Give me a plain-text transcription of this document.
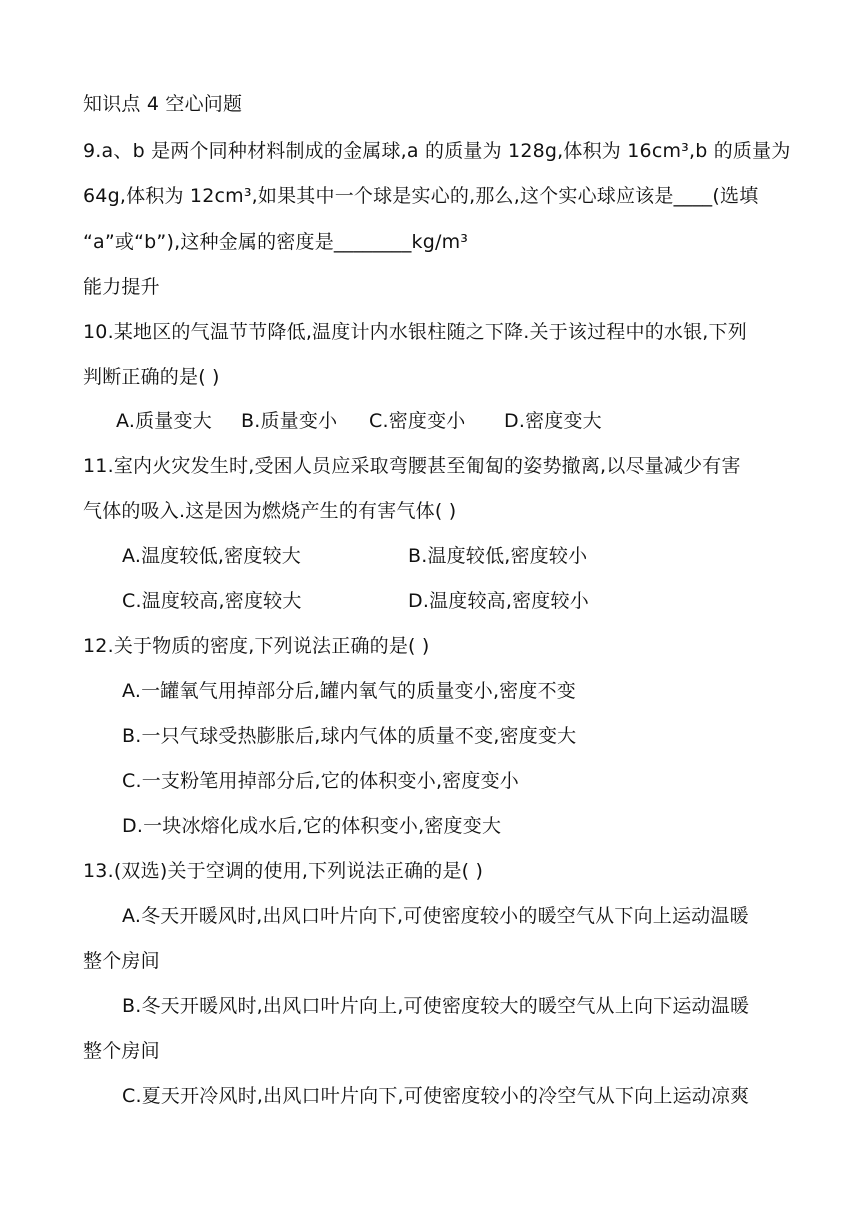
知识点 4 空心问题
9.a、b 是两个同种材料制成的金属球,a 的质量为 128g,体积为 16cm³,b 的质量为
64g,体积为 12cm³,如果其中一个球是实心的,那么,这个实心球应该是____(选填
“a”或“b”),这种金属的密度是________kg/m³
能力提升
10.某地区的气温节节降低,温度计内水银柱随之下降.关于该过程中的水银,下列
判断正确的是( )
A.质量变大 B.质量变小 C.密度变小 D.密度变大
11.室内火灾发生时,受困人员应采取弯腰甚至匍匐的姿势撤离,以尽量减少有害
气体的吸入.这是因为燃烧产生的有害气体( )
A.温度较低,密度较大	B.温度较低,密度较小
C.温度较高,密度较大	D.温度较高,密度较小
12.关于物质的密度,下列说法正确的是( )
A.一罐氧气用掉部分后,罐内氧气的质量变小,密度不变
B.一只气球受热膨胀后,球内气体的质量不变,密度变大
C.一支粉笔用掉部分后,它的体积变小,密度变小
D.一块冰熔化成水后,它的体积变小,密度变大
13.(双选)关于空调的使用,下列说法正确的是( )
A.冬天开暖风时,出风口叶片向下,可使密度较小的暖空气从下向上运动温暖
整个房间
B.冬天开暖风时,出风口叶片向上,可使密度较大的暖空气从上向下运动温暖
整个房间
C.夏天开冷风时,出风口叶片向下,可使密度较小的冷空气从下向上运动凉爽
